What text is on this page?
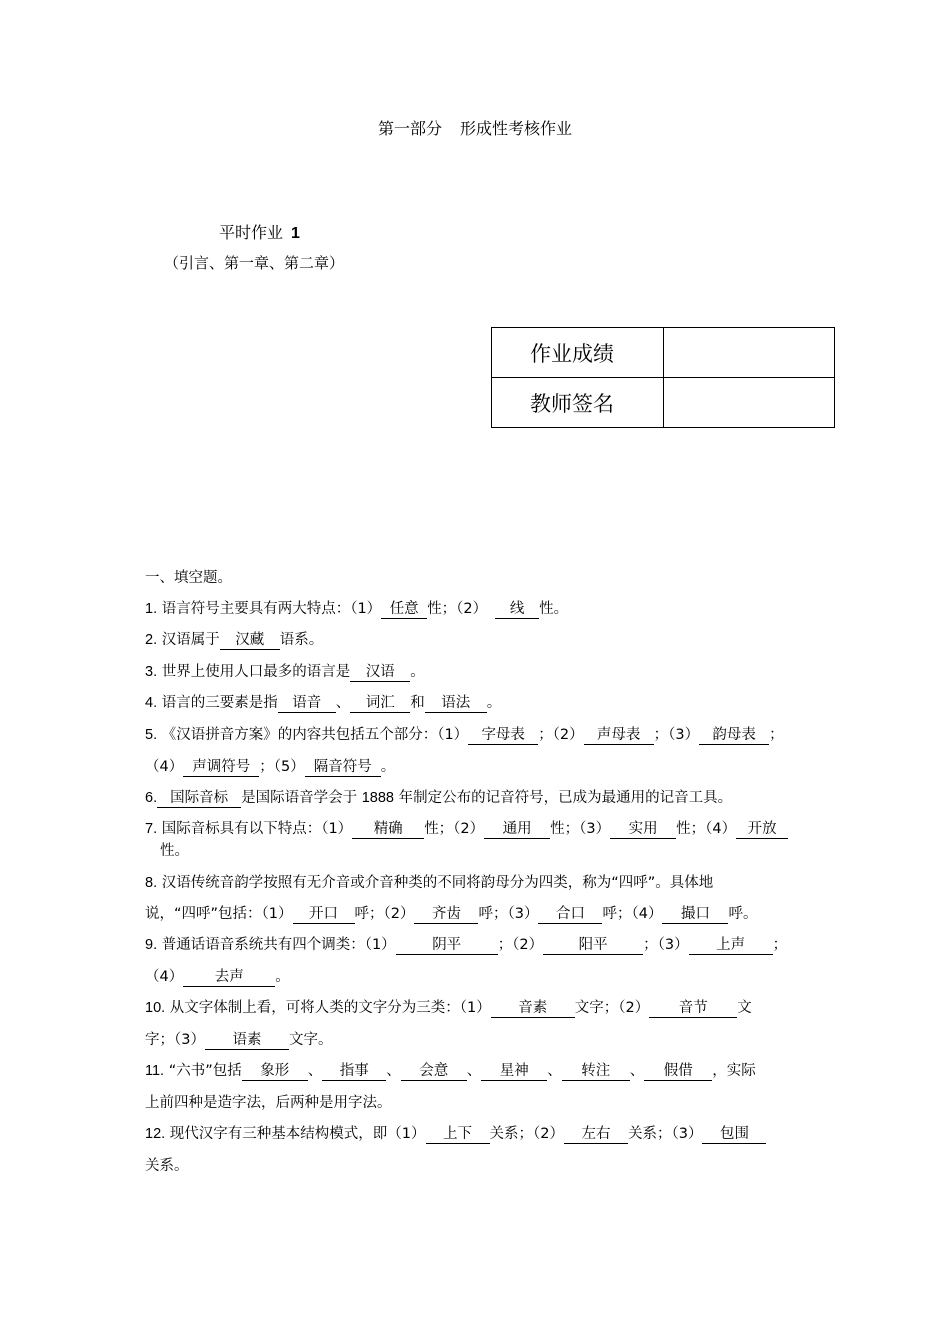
第一部分 形成性考核作业
平时作业 1
（引言、第一章、第二章）
作业成绩	
教师签名	
一、填空题。
1. 语言符号主要具有两大特点：（1） 任意 性；（2） 线 性。
2. 汉语属于 汉藏 语系。
3. 世界上使用人口最多的语言是 汉语 。
4. 语言的三要素是指 语音 、 词汇 和 语法 。
5. 《汉语拼音方案》的内容共包括五个部分：（1） 字母表 ；（2） 声母表 ；（3） 韵母表 ；
（4） 声调符号 ；（5） 隔音符号 。
6. 国际音标 是国际语音学会于 1888 年制定公布的记音符号，已成为最通用的记音工具。
7. 国际音标具有以下特点：（1） 精确 性；（2） 通用 性；（3） 实用 性；（4） 开放
性。
8. 汉语传统音韵学按照有无介音或介音种类的不同将韵母分为四类，称为“四呼”。具体地
说，“四呼”包括：（1） 开口 呼；（2） 齐齿 呼；（3） 合口 呼；（4） 撮口 呼。
9. 普通话语音系统共有四个调类：（1）	阴平	；（2） 阳平 ；（3） 上声 ；
（4） 去声 。
10. 从文字体制上看，可将人类的文字分为三类：（1） 音素 文字；（2） 音节 文
字；（3） 语素 文字。
11. “六书”包括 象形 、 指事 、 会意 、 星神 、 转注 、 假借 ，实际
上前四种是造字法，后两种是用字法。
12. 现代汉字有三种基本结构模式，即（1） 上下 关系；（2） 左右 关系；（3） 包围
关系。
